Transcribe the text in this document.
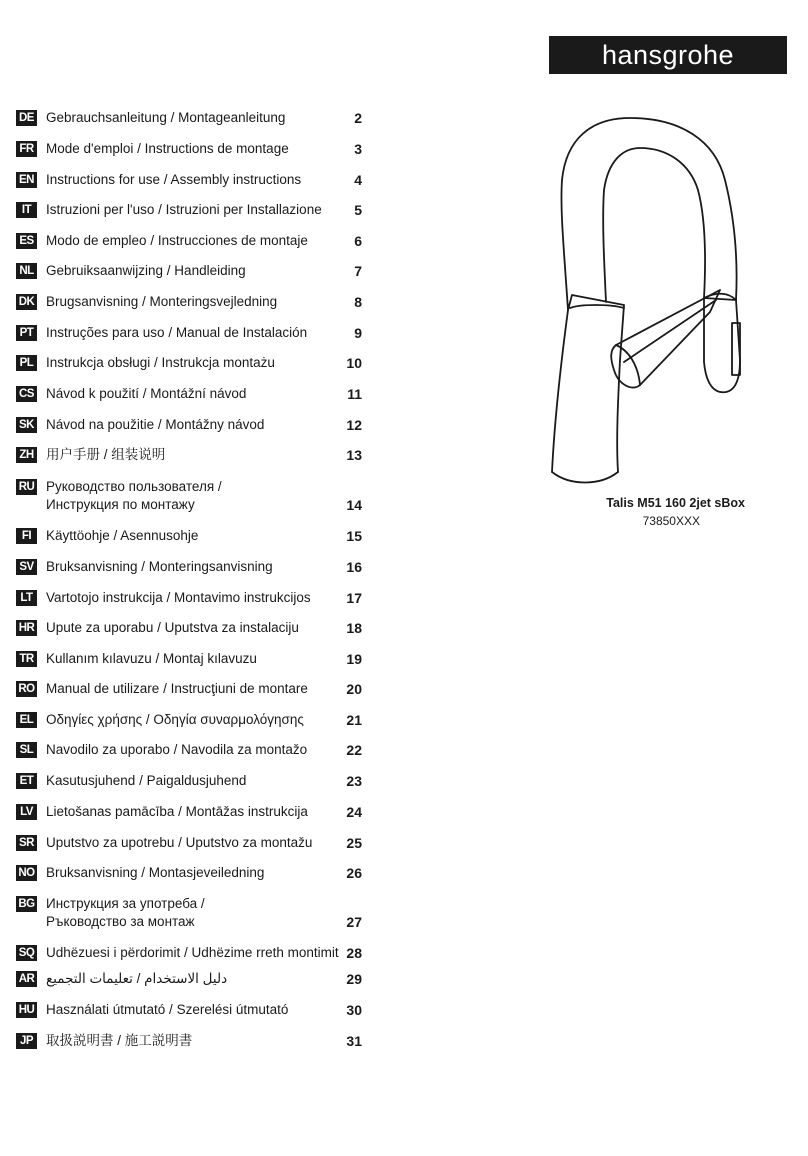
hansgrohe
DE Gebrauchsanleitung / Montageanleitung	2
FR Mode d'emploi / Instructions de montage	3
EN Instructions for use / Assembly instructions	4
IT	Istruzioni per l'uso / Istruzioni per Installazione 5
ES Modo de empleo / Instrucciones de montaje	6
NL Gebruiksaanwijzing / Handleiding	7
DK Brugsanvisning / Monteringsvejledning	8
PT Instruções para uso / Manual de Instalación	9
PL Instrukcja obsługi / Instrukcja montażu	10
CS Návod k použití / Montážní návod	11
SK Návod na použitie / Montážny návod	12
ZH 用户手册 / 组装说明	13
RU Руководство пользователя /
Инструкция по монтажу	14
FI	Käyttöohje / Asennusohje	15
SV Bruksanvisning / Monteringsanvisning	16
LT Vartotojo instrukcija / Montavimo instrukcijos	17
HR Upute za uporabu / Uputstva za instalaciju	18
TR Kullanım kılavuzu / Montaj kılavuzu	19
RO Manual de utilizare / Instrucţiuni de montare	20
EL Οδηγίες χρήσης / Οδηγία συναρμολόγησης	21
SL Navodilo za uporabo / Navodila za montažo	22
ET Kasutusjuhend / Paigaldusjuhend	23
LV Lietošanas pamācība / Montāžas instrukcija	24
SR Uputstvo za upotrebu / Uputstvo za montažu 25
NO Bruksanvisning / Montasjeveiledning	26
BG Инструкция за употреба /
Ръководство за монтаж	27
SQ Udhëzuesi i përdorimit / Udhëzime rreth montimit 28
AR دليل الاستخدام / تعليمات التجميع	29
HU Használati útmutató / Szerelési útmutató	30
JP 取扱説明書 / 施工説明書	31
Talis M51 160 2jet sBox
73850XXX
